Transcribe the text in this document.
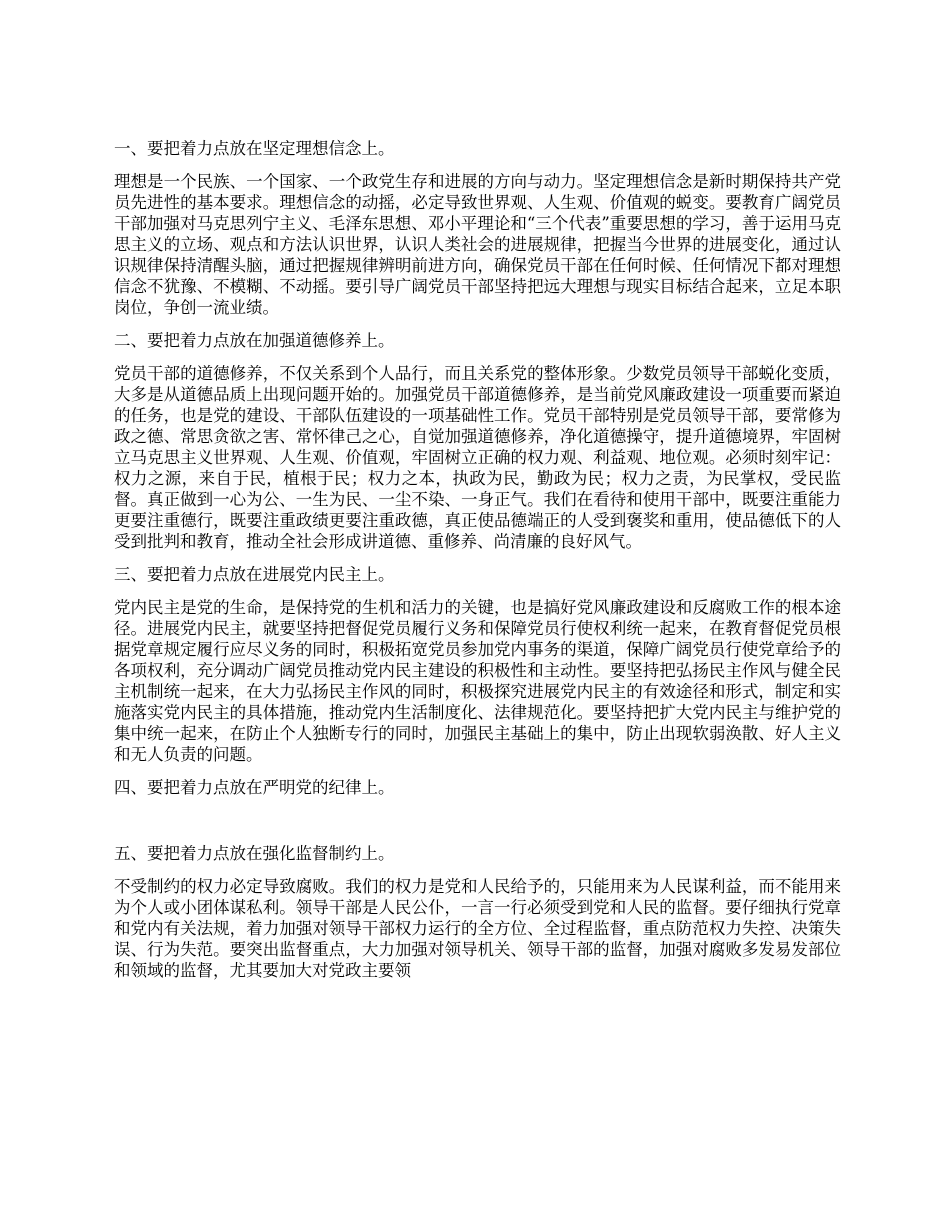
一、要把着力点放在坚定理想信念上。

理想是一个民族、一个国家、一个政党生存和进展的方向与动力。坚定理想信念是新时期保持共产党员先进性的基本要求。理想信念的动摇，必定导致世界观、人生观、价值观的蜕变。要教育广阔党员干部加强对马克思列宁主义、毛泽东思想、邓小平理论和“三个代表”重要思想的学习，善于运用马克思主义的立场、观点和方法认识世界，认识人类社会的进展规律，把握当今世界的进展变化，通过认识规律保持清醒头脑，通过把握规律辨明前进方向，确保党员干部在任何时候、任何情况下都对理想信念不犹豫、不模糊、不动摇。要引导广阔党员干部坚持把远大理想与现实目标结合起来，立足本职岗位，争创一流业绩。

二、要把着力点放在加强道德修养上。

党员干部的道德修养，不仅关系到个人品行，而且关系党的整体形象。少数党员领导干部蜕化变质，大多是从道德品质上出现问题开始的。加强党员干部道德修养，是当前党风廉政建设一项重要而紧迫的任务，也是党的建设、干部队伍建设的一项基础性工作。党员干部特别是党员领导干部，要常修为政之德、常思贪欲之害、常怀律己之心，自觉加强道德修养，净化道德操守，提升道德境界，牢固树立马克思主义世界观、人生观、价值观，牢固树立正确的权力观、利益观、地位观。必须时刻牢记：权力之源，来自于民，植根于民；权力之本，执政为民，勤政为民；权力之责，为民掌权，受民监督。真正做到一心为公、一生为民、一尘不染、一身正气。我们在看待和使用干部中，既要注重能力更要注重德行，既要注重政绩更要注重政德，真正使品德端正的人受到褒奖和重用，使品德低下的人受到批判和教育，推动全社会形成讲道德、重修养、尚清廉的良好风气。

三、要把着力点放在进展党内民主上。

党内民主是党的生命，是保持党的生机和活力的关键，也是搞好党风廉政建设和反腐败工作的根本途径。进展党内民主，就要坚持把督促党员履行义务和保障党员行使权利统一起来，在教育督促党员根据党章规定履行应尽义务的同时，积极拓宽党员参加党内事务的渠道，保障广阔党员行使党章给予的各项权利，充分调动广阔党员推动党内民主建设的积极性和主动性。要坚持把弘扬民主作风与健全民主机制统一起来，在大力弘扬民主作风的同时，积极探究进展党内民主的有效途径和形式，制定和实施落实党内民主的具体措施，推动党内生活制度化、法律规范化。要坚持把扩大党内民主与维护党的集中统一起来，在防止个人独断专行的同时，加强民主基础上的集中，防止出现软弱涣散、好人主义和无人负责的问题。

四、要把着力点放在严明党的纪律上。

五、要把着力点放在强化监督制约上。

不受制约的权力必定导致腐败。我们的权力是党和人民给予的，只能用来为人民谋利益，而不能用来为个人或小团体谋私利。领导干部是人民公仆，一言一行必须受到党和人民的监督。要仔细执行党章和党内有关法规，着力加强对领导干部权力运行的全方位、全过程监督，重点防范权力失控、决策失误、行为失范。要突出监督重点，大力加强对领导机关、领导干部的监督，加强对腐败多发易发部位和领域的监督，尤其要加大对党政主要领
